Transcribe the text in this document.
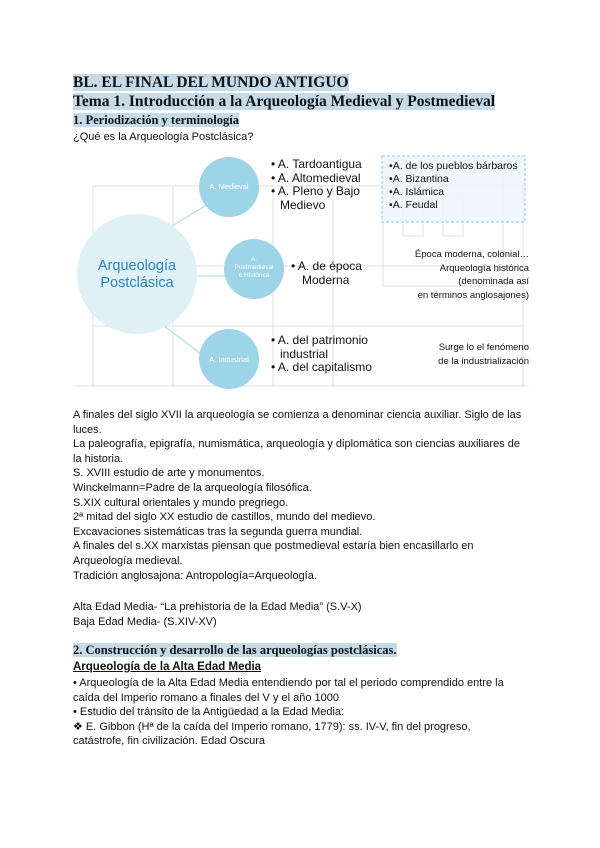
BL. EL FINAL DEL MUNDO ANTIGUO
Tema 1. Introducción a la Arqueología Medieval y Postmedieval
1. Periodización y terminología
¿Qué es la Arqueología Postclásica?
Arqueología
Postclásica
A. Medieval
A.
Postmedieval
o Histórica
A. Industrial
• A. Tardoantigua
• A. Altomedieval
• A. Pleno y Bajo Medievo
•A. de los pueblos bárbaros
•A. Bizantina
•A. Islámica
•A. Feudal
• A. de época Moderna
Época moderna, colonial…
Arqueología histórica
(denominada así
en términos anglosajones)
• A. del patrimonio industrial
• A. del capitalismo
Surge lo el fenómeno
de la industrialización

A finales del siglo XVII la arqueología se comienza a denominar ciencia auxiliar. Siglo de las luces.

La paleografía, epigrafía, numismática, arqueología y diplomática son ciencias auxiliares de la historia.

S. XVIII estudio de arte y monumentos.

Winckelmann=Padre de la arqueología filosófica.

S.XIX cultural orientales y mundo pregriego.

2ª mitad del siglo XX estudio de castillos, mundo del medievo.

Excavaciones sistemáticas tras la segunda guerra mundial.

A finales del s.XX marxistas piensan que postmedieval estaría bien encasillarlo en Arqueología medieval.

Tradición anglosajona: Antropología=Arqueología.

Alta Edad Media- “La prehistoria de la Edad Media” (S.V-X)

Baja Edad Media- (S.XIV-XV)

2. Construcción y desarrollo de las arqueologías postclásicas.
Arqueología de la Alta Edad Media

• Arqueología de la Alta Edad Media entendiendo por tal el periodo comprendido entre la caída del Imperio romano a finales del V y el año 1000

• Estudio del tránsito de la Antigüedad a la Edad Media:

❖ E. Gibbon (Hª de la caída del Imperio romano, 1779): ss. IV-V, fin del progreso, catástrofe, fin civilización. Edad Oscura
